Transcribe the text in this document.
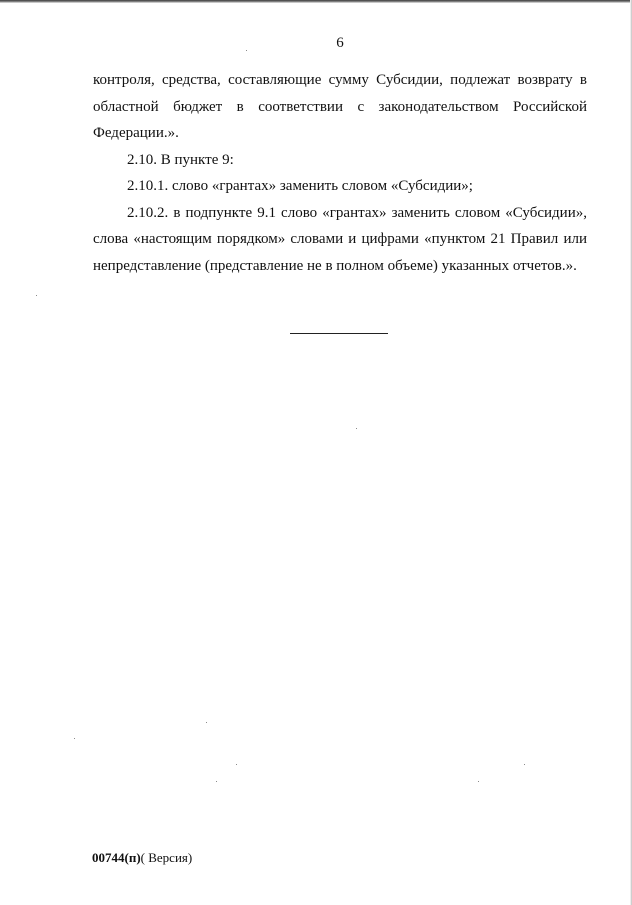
6

контроля, средства, составляющие сумму Субсидии, подлежат возврату в

областной бюджет в соответствии с законодательством Российской

Федерации.».

2.10. В пункте 9:

2.10.1. слово «грантах» заменить словом «Субсидии»;

2.10.2. в подпункте 9.1 слово «грантах» заменить словом «Субсидии»,

слова «настоящим порядком» словами и цифрами «пунктом 21 Правил или

непредставление (представление не в полном объеме) указанных отчетов.».

00744(п)( Версия)
